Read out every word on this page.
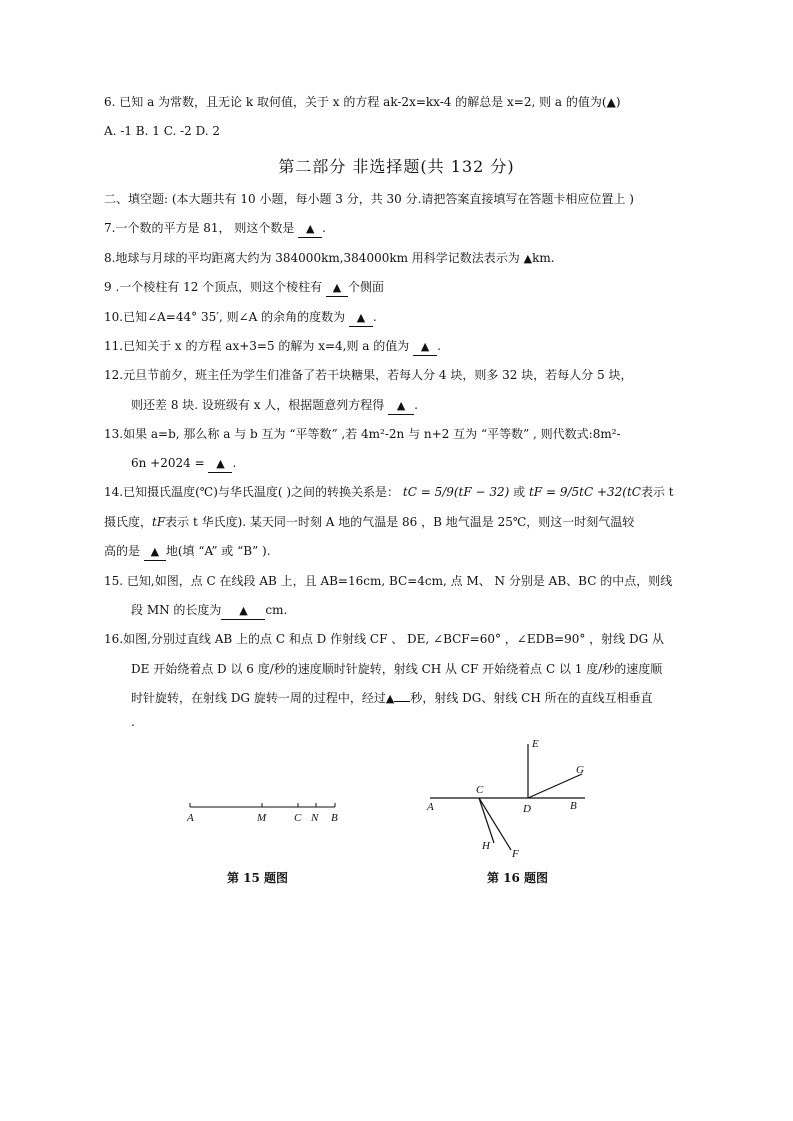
6. 已知 a 为常数，且无论 k 取何值，关于 x 的方程 ak-2x=kx-4 的解总是 x=2, 则 a 的值为(▲)
A. -1 B. 1 C. -2 D. 2
第二部分 非选择题(共 132 分)
二、填空题: (本大题共有 10 小题，每小题 3 分，共 30 分.请把答案直接填写在答题卡相应位置上 )
7.一个数的平方是 81， 则这个数是 ▲ .
8.地球与月球的平均距离大约为 384000km,384000km 用科学记数法表示为 ▲km.
9 .一个棱柱有 12 个顶点，则这个棱柱有 ▲ 个侧面
10.已知∠A=44° 35′, 则∠A 的余角的度数为 ▲ .
11.已知关于 x 的方程 ax+3=5 的解为 x=4,则 a 的值为 ▲ .
12.元旦节前夕，班主任为学生们准备了若干块糖果，若每人分 4 块，则多 32 块，若每人分 5 块，
则还差 8 块. 设班级有 x 人，根据题意列方程得 ▲ .
13.如果 a=b, 那么称 a 与 b 互为 “平等数” ,若 4m²-2n 与 n+2 互为 “平等数” , 则代数式:8m²-
6n +2024 = ▲ .
14.已知摄氏温度(℃)与华氏温度( )之间的转换关系是： tC = 5/9(tF − 32) 或 tF = 9/5tC +32(tC表示 t
摄氏度，tF表示 t 华氏度). 某天同一时刻 A 地的气温是 86 ，B 地气温是 25℃，则这一时刻气温较
高的是 ▲ 地(填 “A” 或 “B” ).
15. 已知,如图，点 C 在线段 AB 上，且 AB=16cm, BC=4cm, 点 M、 N 分别是 AB、BC 的中点，则线
段 MN 的长度为 ▲ cm.
16.如图,分别过直线 AB 上的点 C 和点 D 作射线 CF 、 DE, ∠BCF=60° ，∠EDB=90° ，射线 DG 从
DE 开始绕着点 D 以 6 度/秒的速度顺时针旋转，射线 CH 从 CF 开始绕着点 C 以 1 度/秒的速度顺
时针旋转，在射线 DG 旋转一周的过程中，经过▲ 秒，射线 DG、射线 CH 所在的直线互相垂直
.
A	M	C N B
第 15 题图
A
C
D	B
E
G
H
F
第 16 题图
